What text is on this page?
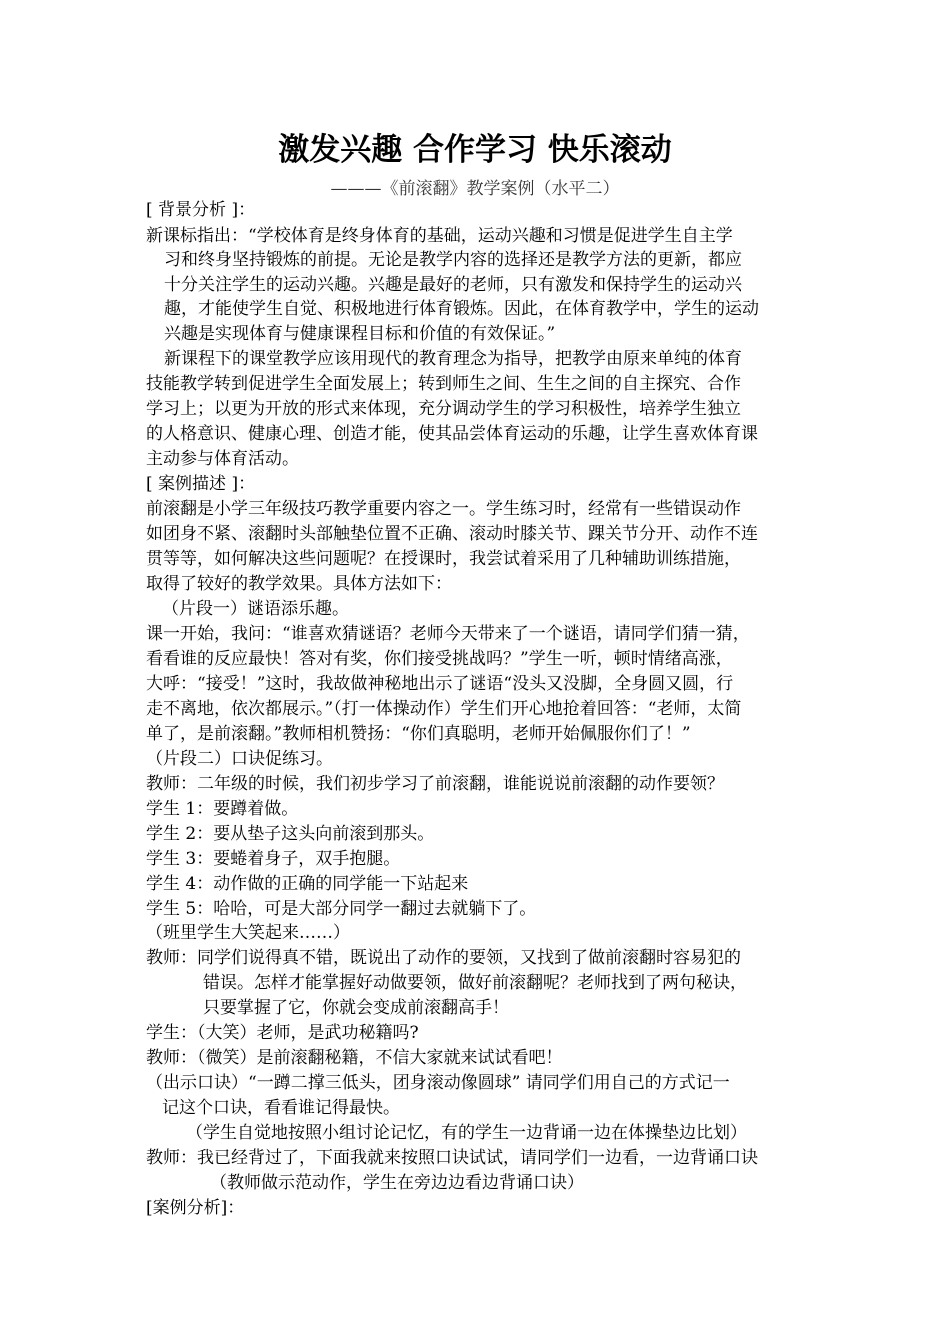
激发兴趣 合作学习 快乐滚动
———《前滚翻》教学案例（水平二）
[ 背景分析 ]：
新课标指出：“学校体育是终身体育的基础，运动兴趣和习惯是促进学生自主学
习和终身坚持锻炼的前提。无论是教学内容的选择还是教学方法的更新，都应
十分关注学生的运动兴趣。兴趣是最好的老师，只有激发和保持学生的运动兴
趣，才能使学生自觉、积极地进行体育锻炼。因此，在体育教学中，学生的运动
兴趣是实现体育与健康课程目标和价值的有效保证。”
新课程下的课堂教学应该用现代的教育理念为指导，把教学由原来单纯的体育
技能教学转到促进学生全面发展上；转到师生之间、生生之间的自主探究、合作
学习上；以更为开放的形式来体现，充分调动学生的学习积极性，培养学生独立
的人格意识、健康心理、创造才能，使其品尝体育运动的乐趣，让学生喜欢体育课
主动参与体育活动。
[ 案例描述 ]：
前滚翻是小学三年级技巧教学重要内容之一。学生练习时，经常有一些错误动作
如团身不紧、滚翻时头部触垫位置不正确、滚动时膝关节、踝关节分开、动作不连
贯等等，如何解决这些问题呢？在授课时，我尝试着采用了几种辅助训练措施，
取得了较好的教学效果。具体方法如下：
（片段一）谜语添乐趣。
课一开始，我问：“谁喜欢猜谜语？老师今天带来了一个谜语，请同学们猜一猜，
看看谁的反应最快！答对有奖，你们接受挑战吗？”学生一听，顿时情绪高涨，
大呼：“接受！”这时，我故做神秘地出示了谜语“没头又没脚，全身圆又圆，行
走不离地，依次都展示。”（打一体操动作）学生们开心地抢着回答：“老师，太简
单了，是前滚翻。”教师相机赞扬：“你们真聪明，老师开始佩服你们了！”
（片段二）口诀促练习。
教师：二年级的时候，我们初步学习了前滚翻，谁能说说前滚翻的动作要领？
学生 1：要蹲着做。
学生 2：要从垫子这头向前滚到那头。
学生 3：要蜷着身子，双手抱腿。
学生 4：动作做的正确的同学能一下站起来
学生 5：哈哈，可是大部分同学一翻过去就躺下了。
（班里学生大笑起来……）
教师：同学们说得真不错，既说出了动作的要领，又找到了做前滚翻时容易犯的
错误。怎样才能掌握好动做要领，做好前滚翻呢？老师找到了两句秘诀，
只要掌握了它，你就会变成前滚翻高手！
学生：（大笑）老师，是武功秘籍吗?
教师：（微笑）是前滚翻秘籍，不信大家就来试试看吧！
（出示口诀）“一蹲二撑三低头，团身滚动像圆球” 请同学们用自己的方式记一
记这个口诀，看看谁记得最快。
（学生自觉地按照小组讨论记忆，有的学生一边背诵一边在体操垫边比划）
教师：我已经背过了，下面我就来按照口诀试试，请同学们一边看，一边背诵口诀
（教师做示范动作，学生在旁边边看边背诵口诀）
[案例分析]：
